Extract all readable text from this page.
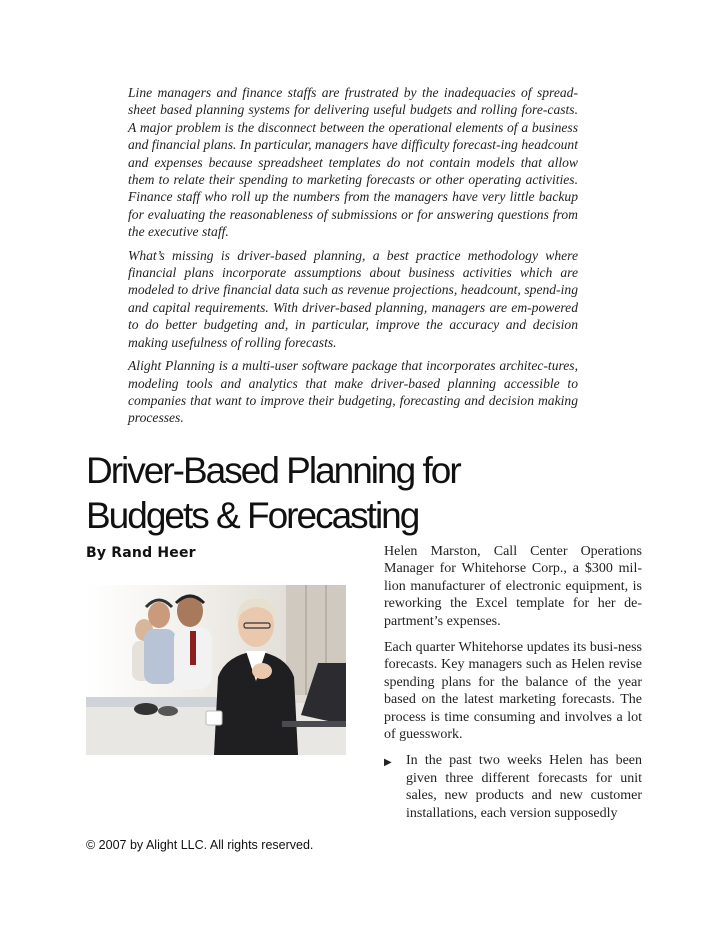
Line managers and finance staffs are frustrated by the inadequacies of spread-sheet based planning systems for delivering useful budgets and rolling fore-casts. A major problem is the disconnect between the operational elements of a business and financial plans. In particular, managers have difficulty forecast-ing headcount and expenses because spreadsheet templates do not contain models that allow them to relate their spending to marketing forecasts or other operating activities. Finance staff who roll up the numbers from the managers have very little backup for evaluating the reasonableness of submissions or for answering questions from the executive staff.

What’s missing is driver-based planning, a best practice methodology where financial plans incorporate assumptions about business activities which are modeled to drive financial data such as revenue projections, headcount, spend-ing and capital requirements. With driver-based planning, managers are em-powered to do better budgeting and, in particular, improve the accuracy and decision making usefulness of rolling forecasts.

Alight Planning is a multi-user software package that incorporates architec-tures, modeling tools and analytics that make driver-based planning accessible to companies that want to improve their budgeting, forecasting and decision making processes.

Driver-Based Planning for
Budgets & Forecasting
By Rand Heer	Helen Marston, Call Center Operations Manager for Whitehorse Corp., a $300 mil-lion manufacturer of electronic equipment, is reworking the Excel template for her de-partment’s expenses.

Each quarter Whitehorse updates its busi-ness forecasts. Key managers such as Helen revise spending plans for the balance of the year based on the latest marketing forecasts. The process is time consuming and involves a lot of guesswork.

▶	In the past two weeks Helen has been given three different forecasts for unit sales, new products and new customer installations, each version supposedly
© 2007 by Alight LLC. All rights reserved.
